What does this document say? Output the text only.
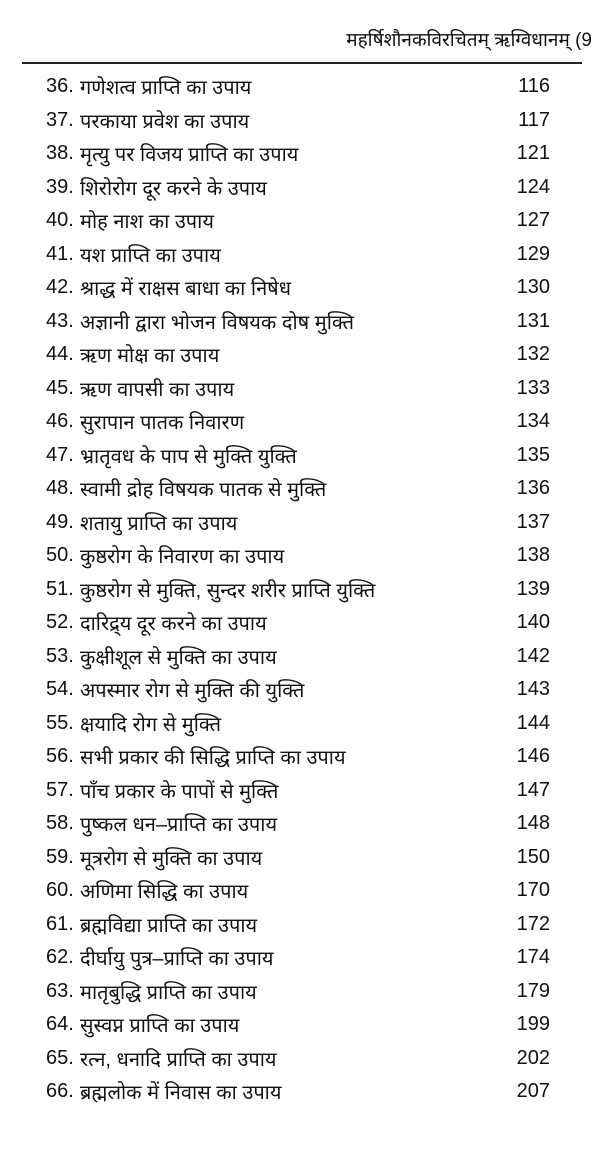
महर्षिशौनकविरचितम् ऋग्विधानम् (9
36. गणेशत्व प्राप्ति का उपाय	116
37. परकाया प्रवेश का उपाय	117
38. मृत्यु पर विजय प्राप्ति का उपाय	121
39. शिरोरोग दूर करने के उपाय	124
40. मोह नाश का उपाय	127
41. यश प्राप्ति का उपाय	129
42. श्राद्ध में राक्षस बाधा का निषेध	130
43. अज्ञानी द्वारा भोजन विषयक दोष मुक्ति	131
44. ऋण मोक्ष का उपाय	132
45. ऋण वापसी का उपाय	133
46. सुरापान पातक निवारण	134
47. भ्रातृवध के पाप से मुक्ति युक्ति	135
48. स्वामी द्रोह विषयक पातक से मुक्ति	136
49. शतायु प्राप्ति का उपाय	137
50. कुष्ठरोग के निवारण का उपाय	138
51. कुष्ठरोग से मुक्ति, सुन्दर शरीर प्राप्ति युक्ति	139
52. दारिद्र्य दूर करने का उपाय	140
53. कुक्षीशूल से मुक्ति का उपाय	142
54. अपस्मार रोग से मुक्ति की युक्ति	143
55. क्षयादि रोग से मुक्ति	144
56. सभी प्रकार की सिद्धि प्राप्ति का उपाय	146
57. पाँच प्रकार के पापों से मुक्ति	147
58. पुष्कल धन–प्राप्ति का उपाय	148
59. मूत्ररोग से मुक्ति का उपाय	150
60. अणिमा सिद्धि का उपाय	170
61. ब्रह्मविद्या प्राप्ति का उपाय	172
62. दीर्घायु पुत्र–प्राप्ति का उपाय	174
63. मातृबुद्धि प्राप्ति का उपाय	179
64. सुस्वप्न प्राप्ति का उपाय	199
65. रत्न, धनादि प्राप्ति का उपाय	202
66. ब्रह्मलोक में निवास का उपाय	207
